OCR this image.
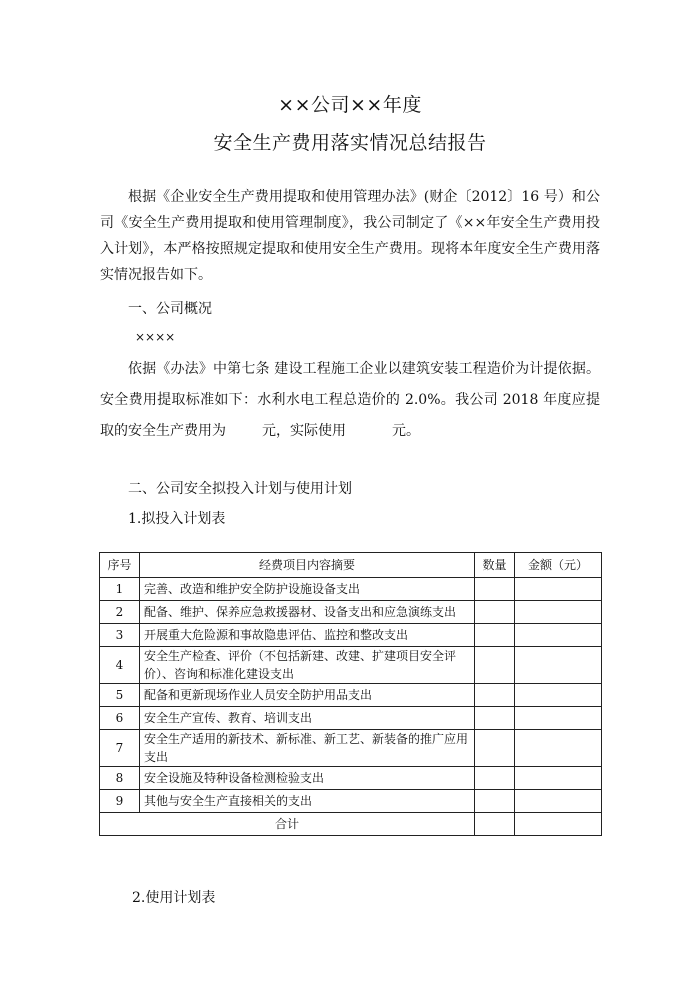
××公司××年度
安全生产费用落实情况总结报告
根据《企业安全生产费用提取和使用管理办法》(财企〔2012〕16 号）和公司《安全生产费用提取和使用管理制度》，我公司制定了《××年安全生产费用投入计划》，本严格按照规定提取和使用安全生产费用。现将本年度安全生产费用落实情况报告如下。
一、公司概况
××××
依据《办法》中第七条 建设工程施工企业以建筑安装工程造价为计提依据。安全费用提取标准如下：水利水电工程总造价的 2.0%。我公司 2018 年度应提取的安全生产费用为	元，实际使用	元。
二、公司安全拟投入计划与使用计划
1.拟投入计划表
序号	经费项目内容摘要	数量	金额（元）
1	完善、改造和维护安全防护设施设备支出		
2	配备、维护、保养应急救援器材、设备支出和应急演练支出		
3	开展重大危险源和事故隐患评估、监控和整改支出		
4	安全生产检查、评价（不包括新建、改建、扩建项目安全评价）、咨询和标准化建设支出		
5	配备和更新现场作业人员安全防护用品支出		
6	安全生产宣传、教育、培训支出		
7	安全生产适用的新技术、新标准、新工艺、新装备的推广应用支出		
8	安全设施及特种设备检测检验支出		
9	其他与安全生产直接相关的支出		
合计			
2.使用计划表
